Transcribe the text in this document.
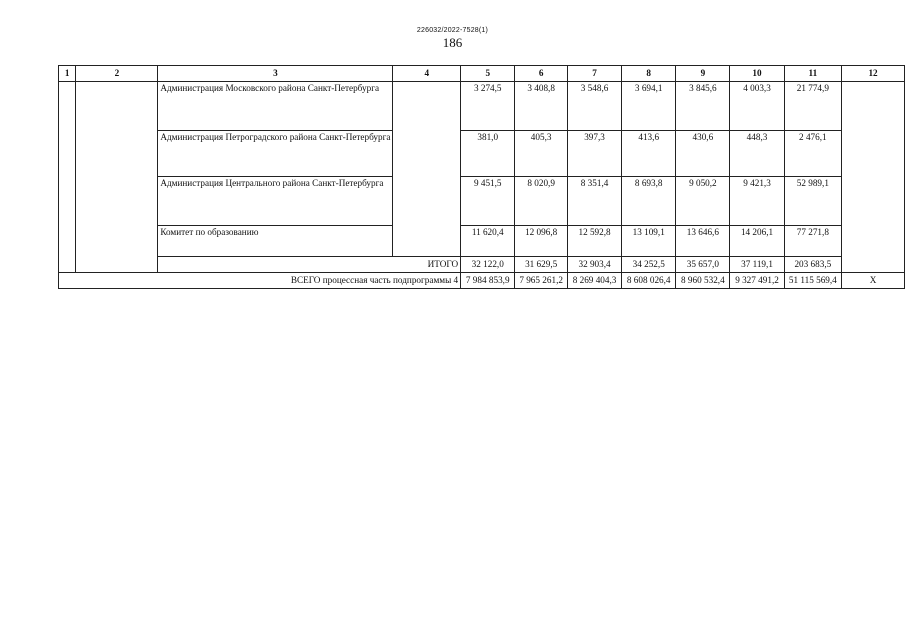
226032/2022-7528(1)
186
1	2	3	4	5	6	7	8	9	10	11	12
		Администрация Московского района Санкт-Петербурга		3 274,5	3 408,8	3 548,6	3 694,1	3 845,6	4 003,3	21 774,9	
		Администрация Петроградского района Санкт-Петербурга		381,0	405,3	397,3	413,6	430,6	448,3	2 476,1	
		Администрация Центрального района Санкт-Петербурга		9 451,5	8 020,9	8 351,4	8 693,8	9 050,2	9 421,3	52 989,1	
		Комитет по образованию		11 620,4	12 096,8	12 592,8	13 109,1	13 646,6	14 206,1	77 271,8	
		ИТОГО		32 122,0	31 629,5	32 903,4	34 252,5	35 657,0	37 119,1	203 683,5	
ВСЕГО процессная часть подпрограммы 4				7 984 853,9	7 965 261,2	8 269 404,3	8 608 026,4	8 960 532,4	9 327 491,2	51 115 569,4	Х
